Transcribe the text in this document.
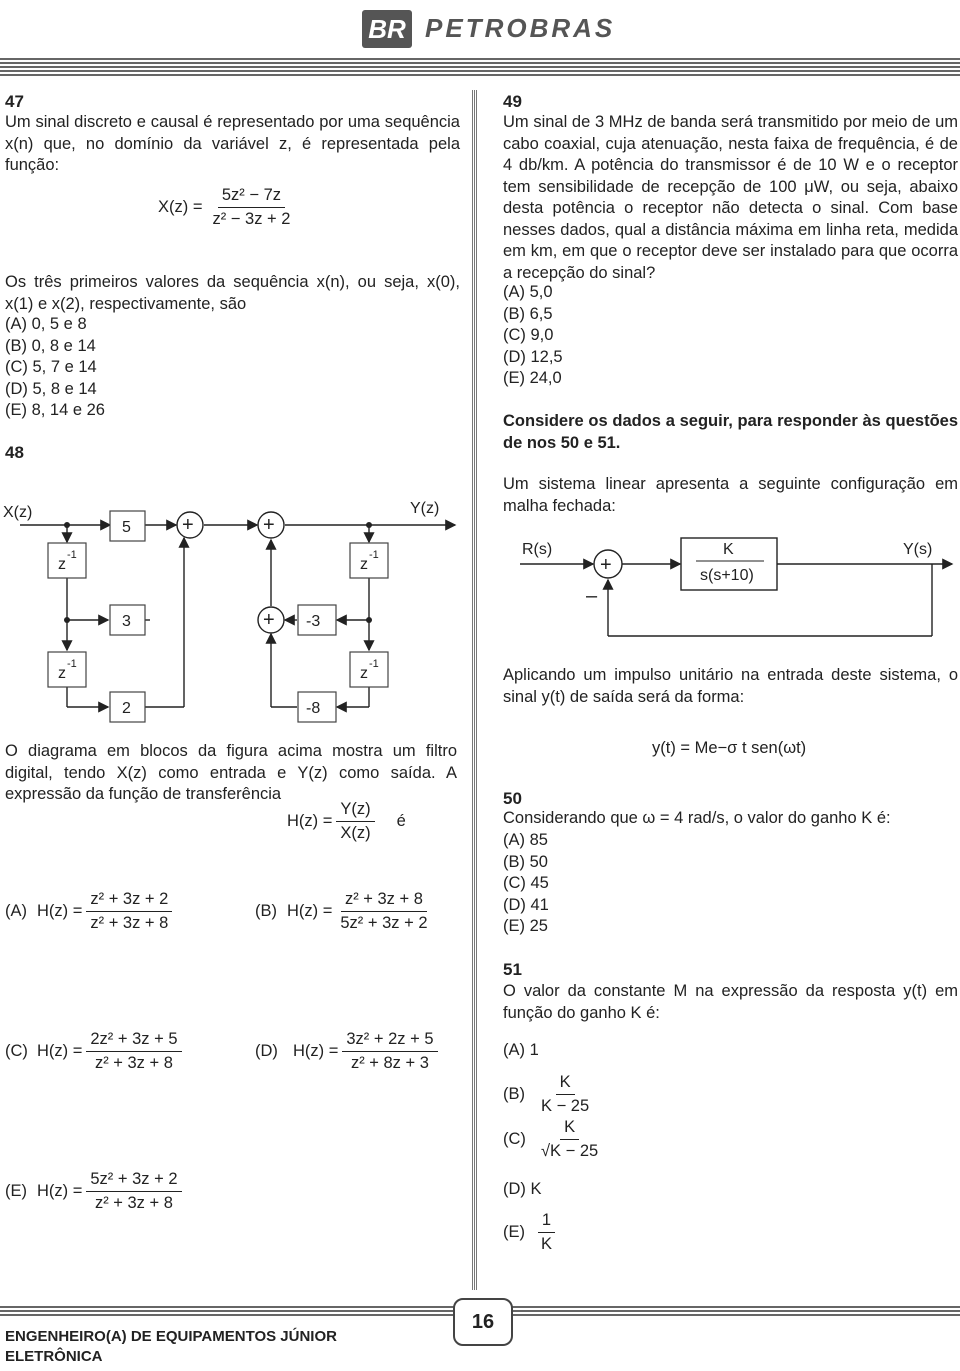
BR PETROBRAS
47
Um sinal discreto e causal é representado por uma sequência x(n) que, no domínio da variável z, é representada pela função:
$X(z) = \frac{\text{5z² − 7z}}{\text{z² − 3z + 2}}$
Os três primeiros valores da sequência x(n), ou seja, x(0), x(1) e x(2), respectivamente, são
(A) 0, 5 e 8
(B) 0, 8 e 14
(C) 5, 7 e 14
(D) 5, 8 e 14
(E) 8, 14 e 26
48
X(z)	Y(z)
5
3
2
-3
-8
+	+
+
z
-1
z
-1
z
-1
z
-1
O diagrama em blocos da figura acima mostra um filtro digital, tendo X(z) como entrada e Y(z) como saída. A expressão da função de transferência
$H(z) = \frac{Y(z)}{X(z)}$ é
(A) $H(z) = \frac{\text{z² + 3z + 2}}{\text{z² + 3z + 8}}$	(B) $H(z) = \frac{\text{z² + 3z + 8}}{\text{5z² + 3z + 2}}$
(C) $H(z) = \frac{\text{2z² + 3z + 5}}{\text{z² + 3z + 8}}$	(D) $H(z) = \frac{\text{3z² + 2z + 5}}{\text{z² + 8z + 3}}$
(E) $H(z) = \frac{\text{5z² + 3z + 2}}{\text{z² + 3z + 8}}$
49
Um sinal de 3 MHz de banda será transmitido por meio de um cabo coaxial, cuja atenuação, nesta faixa de frequência, é de 4 db/km. A potência do transmissor é de 10 W e o receptor tem sensibilidade de recepção de 100 μW, ou seja, abaixo desta potência o receptor não detecta o sinal. Com base nesses dados, qual a distância máxima em linha reta, medida em km, em que o receptor deve ser instalado para que ocorra a recepção do sinal?
(A) 5,0
(B) 6,5
(C) 9,0
(D) 12,5
(E) 24,0
Considere os dados a seguir, para responder às questões de nos 50 e 51.
Um sistema linear apresenta a seguinte configuração em malha fechada:
R(s)	Y(s)
+
–
K
s(s+10)
Aplicando um impulso unitário na entrada deste sistema, o sinal y(t) de saída será da forma:
y(t) = Me−σ t sen(ωt)
50
Considerando que ω = 4 rad/s, o valor do ganho K é:
(A) 85
(B) 50
(C) 45
(D) 41
(E) 25
51
O valor da constante M na expressão da resposta y(t) em função do ganho K é:
(A) 1
$(B) \frac{K}{K - 25}$
$(C) \frac{K}{√K - 25}$
(D) K
$(E) \frac{1}{K}$
16
ENGENHEIRO(A) DE EQUIPAMENTOS JÚNIOR
ELETRÔNICA
